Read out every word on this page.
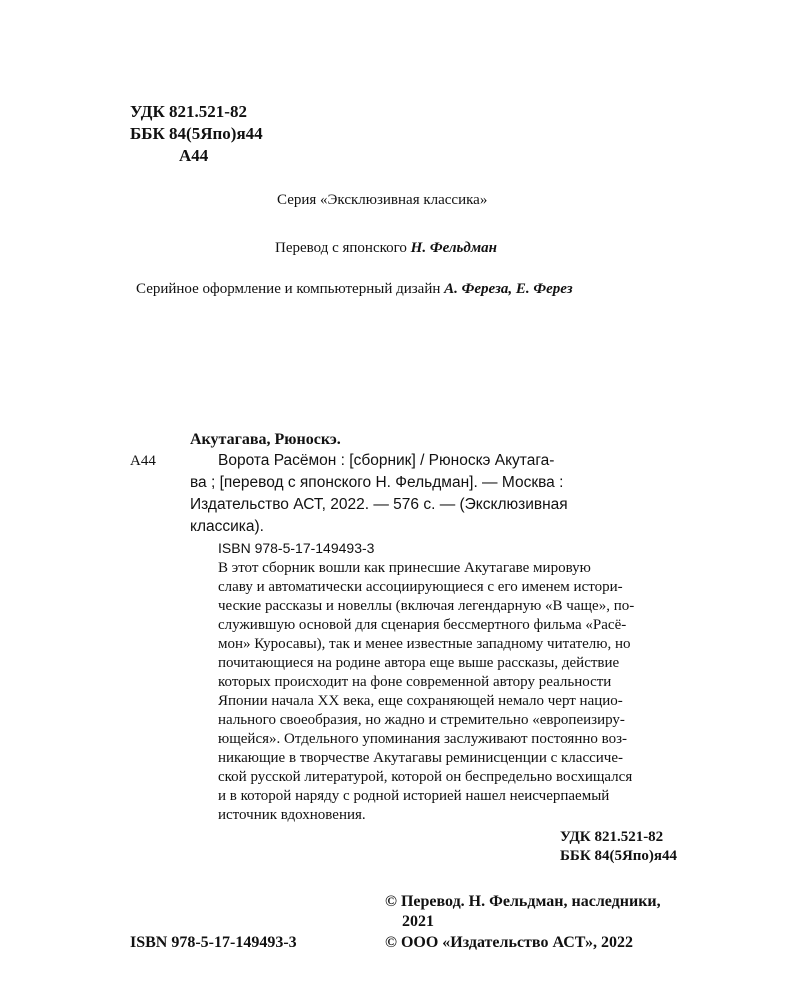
УДК 821.521-82
ББК 84(5Япо)я44
А44
Серия «Эксклюзивная классика»
Перевод с японского Н. Фельдман
Серийное оформление и компьютерный дизайн А. Фереза, Е. Ферез
Акутагава, Рюноскэ.
А44	Ворота Расёмон : [сборник] / Рюноскэ Акутага-
ва ; [перевод с японского Н. Фельдман]. — Москва :
Издательство АСТ, 2022. — 576 с. — (Эксклюзивная
классика).
ISBN 978-5-17-149493-3
В этот сборник вошли как принесшие Акутагаве мировую
славу и автоматически ассоциирующиеся с его именем истори-
ческие рассказы и новеллы (включая легендарную «В чаще», по-
служившую основой для сценария бессмертного фильма «Расё-
мон» Куросавы), так и менее известные западному читателю, но
почитающиеся на родине автора еще выше рассказы, действие
которых происходит на фоне современной автору реальности
Японии начала XX века, еще сохраняющей немало черт нацио-
нального своеобразия, но жадно и стремительно «европеизиру-
ющейся». Отдельного упоминания заслуживают постоянно воз-
никающие в творчестве Акутагавы реминисценции с классиче-
ской русской литературой, которой он беспредельно восхищался
и в которой наряду с родной историей нашел неисчерпаемый
источник вдохновения.
УДК 821.521-82
ББК 84(5Япо)я44
© Перевод. Н. Фельдман, наследники,
2021
ISBN 978-5-17-149493-3	© ООО «Издательство АСТ», 2022
